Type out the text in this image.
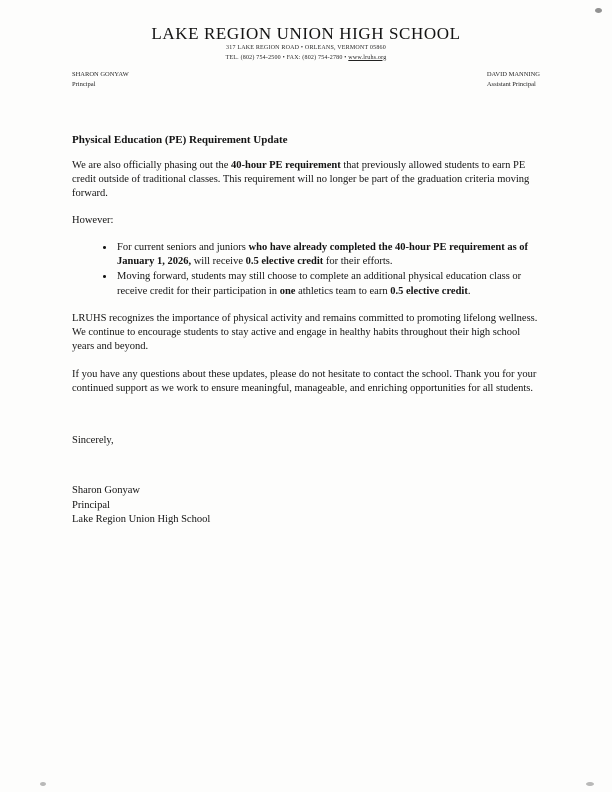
LAKE REGION UNION HIGH SCHOOL
317 LAKE REGION ROAD • ORLEANS, VERMONT 05860
TEL. (802) 754-2500 • FAX: (802) 754-2780 • www.lruhs.org
SHARON GONYAW
Principal
DAVID MANNING
Assistant Principal
Physical Education (PE) Requirement Update

We are also officially phasing out the 40-hour PE requirement that previously allowed students to earn PE credit outside of traditional classes. This requirement will no longer be part of the graduation criteria moving forward.

However:

• For current seniors and juniors who have already completed the 40-hour PE requirement as of January 1, 2026, will receive 0.5 elective credit for their efforts.
• Moving forward, students may still choose to complete an additional physical education class or receive credit for their participation in one athletics team to earn 0.5 elective credit.

LRUHS recognizes the importance of physical activity and remains committed to promoting lifelong wellness. We continue to encourage students to stay active and engage in healthy habits throughout their high school years and beyond.

If you have any questions about these updates, please do not hesitate to contact the school. Thank you for your continued support as we work to ensure meaningful, manageable, and enriching opportunities for all students.

Sincerely,

Sharon Gonyaw
Principal
Lake Region Union High School
